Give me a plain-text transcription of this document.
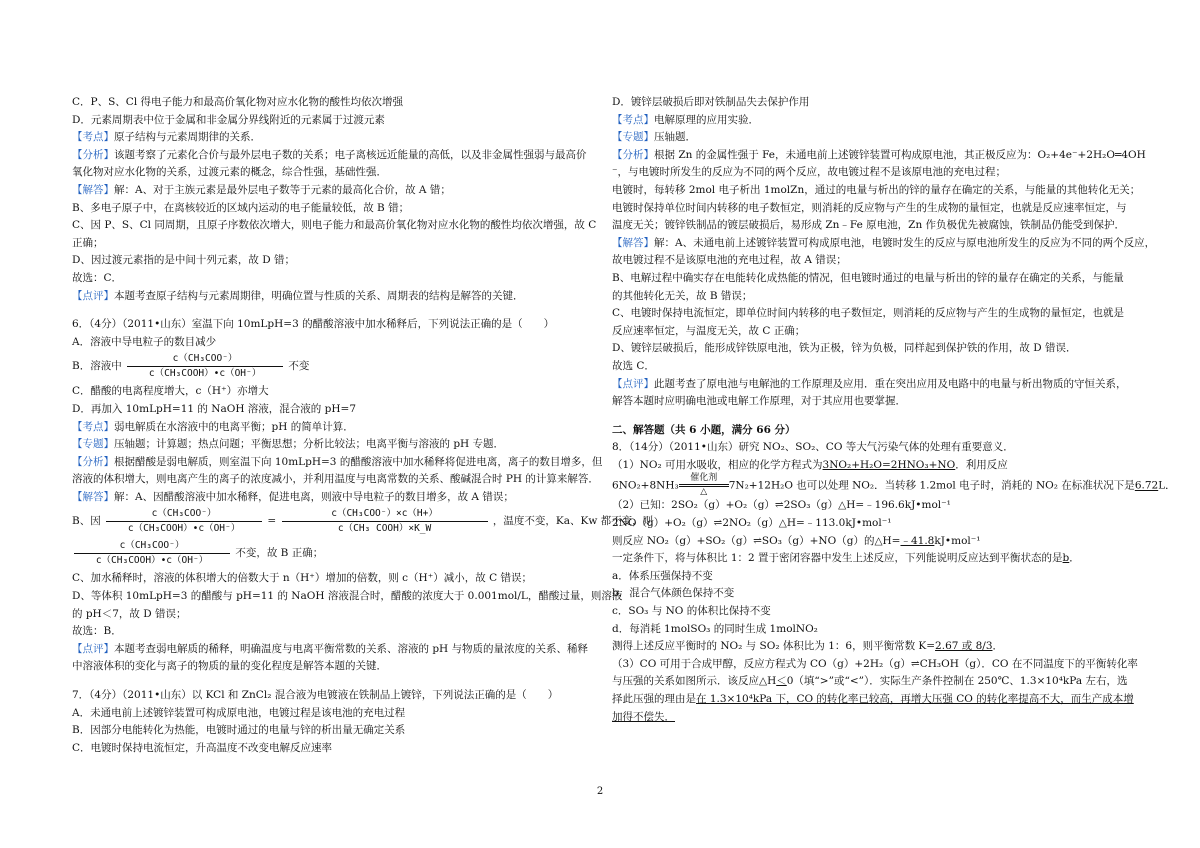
C．P、S、Cl 得电子能力和最高价氧化物对应水化物的酸性均依次增强
D．元素周期表中位于金属和非金属分界线附近的元素属于过渡元素
【考点】原子结构与元素周期律的关系．
【分析】该题考察了元素化合价与最外层电子数的关系；电子离核远近能量的高低，以及非金属性强弱与最高价
氧化物对应水化物的关系，过渡元素的概念，综合性强，基础性强．
【解答】解：A、对于主族元素是最外层电子数等于元素的最高化合价，故 A 错；
B、多电子原子中，在离核较近的区域内运动的电子能量较低，故 B 错；
C、因 P、S、Cl 同周期，且原子序数依次增大，则电子能力和最高价氧化物对应水化物的酸性均依次增强，故 C
正确；
D、因过渡元素指的是中间十列元素，故 D 错；
故选：C．
【点评】本题考查原子结构与元素周期律，明确位置与性质的关系、周期表的结构是解答的关键．
6．（4分）（2011•山东）室温下向 10mLpH=3 的醋酸溶液中加水稀释后，下列说法正确的是（　　）
A．溶液中导电粒子的数目减少
B．溶液中 $\frac{\text{c（CH₃COO⁻）}}{\text{c（CH₃COOH）•c（OH⁻）}}$ 不变
C．醋酸的电离程度增大，c（H⁺）亦增大
D．再加入 10mLpH=11 的 NaOH 溶液，混合液的 pH=7
【考点】弱电解质在水溶液中的电离平衡；pH 的简单计算．
【专题】压轴题；计算题；热点问题；平衡思想；分析比较法；电离平衡与溶液的 pH 专题．
【分析】根据醋酸是弱电解质，则室温下向 10mLpH=3 的醋酸溶液中加水稀释将促进电离，离子的数目增多，但
溶液的体积增大，则电离产生的离子的浓度减小，并利用温度与电离常数的关系、酸碱混合时 PH 的计算来解答．
【解答】解：A、因醋酸溶液中加水稀释，促进电离，则液中导电粒子的数目增多，故 A 错误；
B、因 $\frac{\text{c（CH₃COO⁻）}}{\text{c（CH₃COOH）•c（OH⁻）}} = \frac{\text{c（CH₃COO⁻）×c（H+）}}{\text{c（CH₃ COOH）×K\_W}}$ ，温度不变，Ka、Kw 都不变，则
$\frac{\text{c（CH₃COO⁻）}}{\text{c（CH₃COOH）•c（OH⁻）}}$ 不变，故 B 正确；
C、加水稀释时，溶液的体积增大的倍数大于 n（H⁺）增加的倍数，则 c（H⁺）减小，故 C 错误；
D、等体积 10mLpH=3 的醋酸与 pH=11 的 NaOH 溶液混合时，醋酸的浓度大于 0.001mol/L，醋酸过量，则溶液
的 pH＜7，故 D 错误；
故选：B．
【点评】本题考查弱电解质的稀释，明确温度与电离平衡常数的关系、溶液的 pH 与物质的量浓度的关系、稀释
中溶液体积的变化与离子的物质的量的变化程度是解答本题的关键．
7．（4分）（2011•山东）以 KCl 和 ZnCl₂ 混合液为电镀液在铁制品上镀锌，下列说法正确的是（　　）
A．未通电前上述镀锌装置可构成原电池，电镀过程是该电池的充电过程
B．因部分电能转化为热能，电镀时通过的电量与锌的析出量无确定关系
C．电镀时保持电流恒定，升高温度不改变电解反应速率
D．镀锌层破损后即对铁制品失去保护作用
【考点】电解原理的应用实验．
【专题】压轴题．
【分析】根据 Zn 的金属性强于 Fe，未通电前上述镀锌装置可构成原电池，其正极反应为：O₂+4e⁻+2H₂O═4OH
⁻，与电镀时所发生的反应为不同的两个反应，故电镀过程不是该原电池的充电过程；
电镀时，每转移 2mol 电子析出 1molZn，通过的电量与析出的锌的量存在确定的关系，与能量的其他转化无关；
电镀时保持单位时间内转移的电子数恒定，则消耗的反应物与产生的生成物的量恒定，也就是反应速率恒定，与
温度无关；镀锌铁制品的镀层破损后，易形成 Zn﹣Fe 原电池，Zn 作负极优先被腐蚀，铁制品仍能受到保护．
【解答】解：A、未通电前上述镀锌装置可构成原电池，电镀时发生的反应与原电池所发生的反应为不同的两个反应，
故电镀过程不是该原电池的充电过程，故 A 错误；
B、电解过程中确实存在电能转化成热能的情况，但电镀时通过的电量与析出的锌的量存在确定的关系，与能量
的其他转化无关，故 B 错误；
C、电镀时保持电流恒定，即单位时间内转移的电子数恒定，则消耗的反应物与产生的生成物的量恒定，也就是
反应速率恒定，与温度无关，故 C 正确；
D、镀锌层破损后，能形成锌铁原电池，铁为正极，锌为负极，同样起到保护铁的作用，故 D 错误．
故选 C．
【点评】此题考查了原电池与电解池的工作原理及应用．重在突出应用及电路中的电量与析出物质的守恒关系，
解答本题时应明确电池或电解工作原理，对于其应用也要掌握．
二、解答题（共 6 小题，满分 66 分）
8．（14分）（2011•山东）研究 NO₂、SO₂、CO 等大气污染气体的处理有重要意义．
（1）NO₂ 可用水吸收，相应的化学方程式为3NO₂+H₂O=2HNO₃+NO．利用反应
6NO₂+8NH₃
催化剂
△
7N₂+12H₂O 也可以处理 NO₂．当转移 1.2mol 电子时，消耗的 NO₂ 在标准状况下是6.72L．
（2）已知：2SO₂（g）+O₂（g）⇌2SO₃（g）△H=﹣196.6kJ•mol⁻¹
2NO（g）+O₂（g）⇌2NO₂（g）△H=﹣113.0kJ•mol⁻¹
则反应 NO₂（g）+SO₂（g）⇌SO₃（g）+NO（g）的△H=﹣41.8kJ•mol⁻¹
一定条件下，将与体积比 1：2 置于密闭容器中发生上述反应，下列能说明反应达到平衡状态的是b．
a．体系压强保持不变
b．混合气体颜色保持不变
c．SO₃ 与 NO 的体积比保持不变
d．每消耗 1molSO₃ 的同时生成 1molNO₂
测得上述反应平衡时的 NO₂ 与 SO₂ 体积比为 1：6，则平衡常数 K=2.67 或 8/3．
（3）CO 可用于合成甲醇，反应方程式为 CO（g）+2H₂（g）⇌CH₃OH（g）．CO 在不同温度下的平衡转化率
与压强的关系如图所示．该反应△H＜0（填“>”或“<”）．实际生产条件控制在 250℃、1.3×10⁴kPa 左右，选
择此压强的理由是在 1.3×10⁴kPa 下，CO 的转化率已较高，再增大压强 CO 的转化率提高不大，而生产成本增
加得不偿失．
2
